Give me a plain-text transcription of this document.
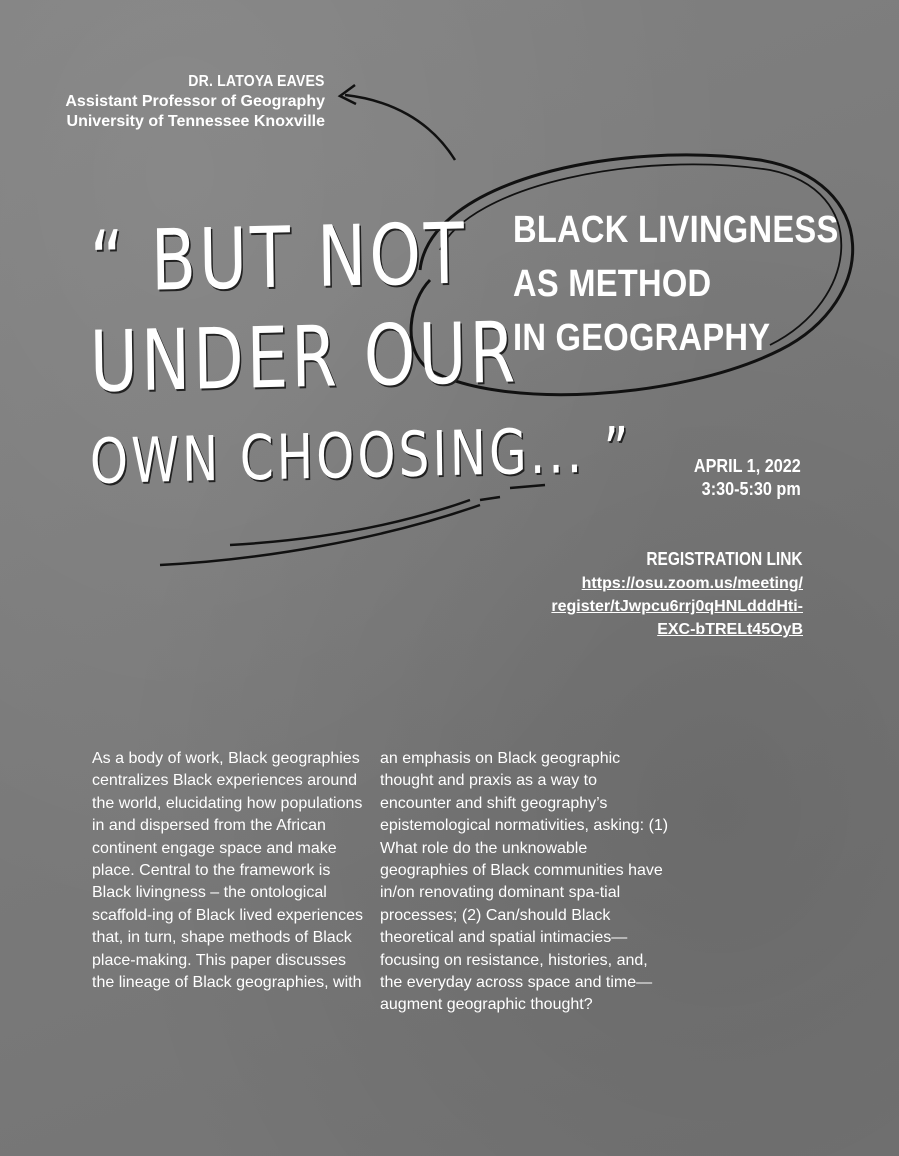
DR. LATOYA EAVES
Assistant Professor of Geography
University of Tennessee Knoxville
“ BUT NOT
UNDER OUR
OWN CHOOSING... ”
BLACK LIVINGNESS
AS METHOD
IN GEOGRAPHY
APRIL 1, 2022
3:30-5:30 pm
REGISTRATION LINK
https://osu.zoom.us/meeting/
register/tJwpcu6rrj0qHNLdddHti-
EXC-bTRELt45OyB
As a body of work, Black geographies centralizes Black experiences around the world, elucidating how populations in and dispersed from the African continent engage space and make place. Central to the framework is Black livingness – the ontological scaffold-ing of Black lived experiences that, in turn, shape methods of Black place-making. This paper discusses the lineage of Black geographies, with
an emphasis on Black geographic thought and praxis as a way to encounter and shift geography’s epistemological normativities, asking: (1) What role do the unknowable geographies of Black communities have in/on renovating dominant spa-tial processes; (2) Can/should Black theoretical and spatial intimacies—focusing on resistance, histories, and, the everyday across space and time—augment geographic thought?
